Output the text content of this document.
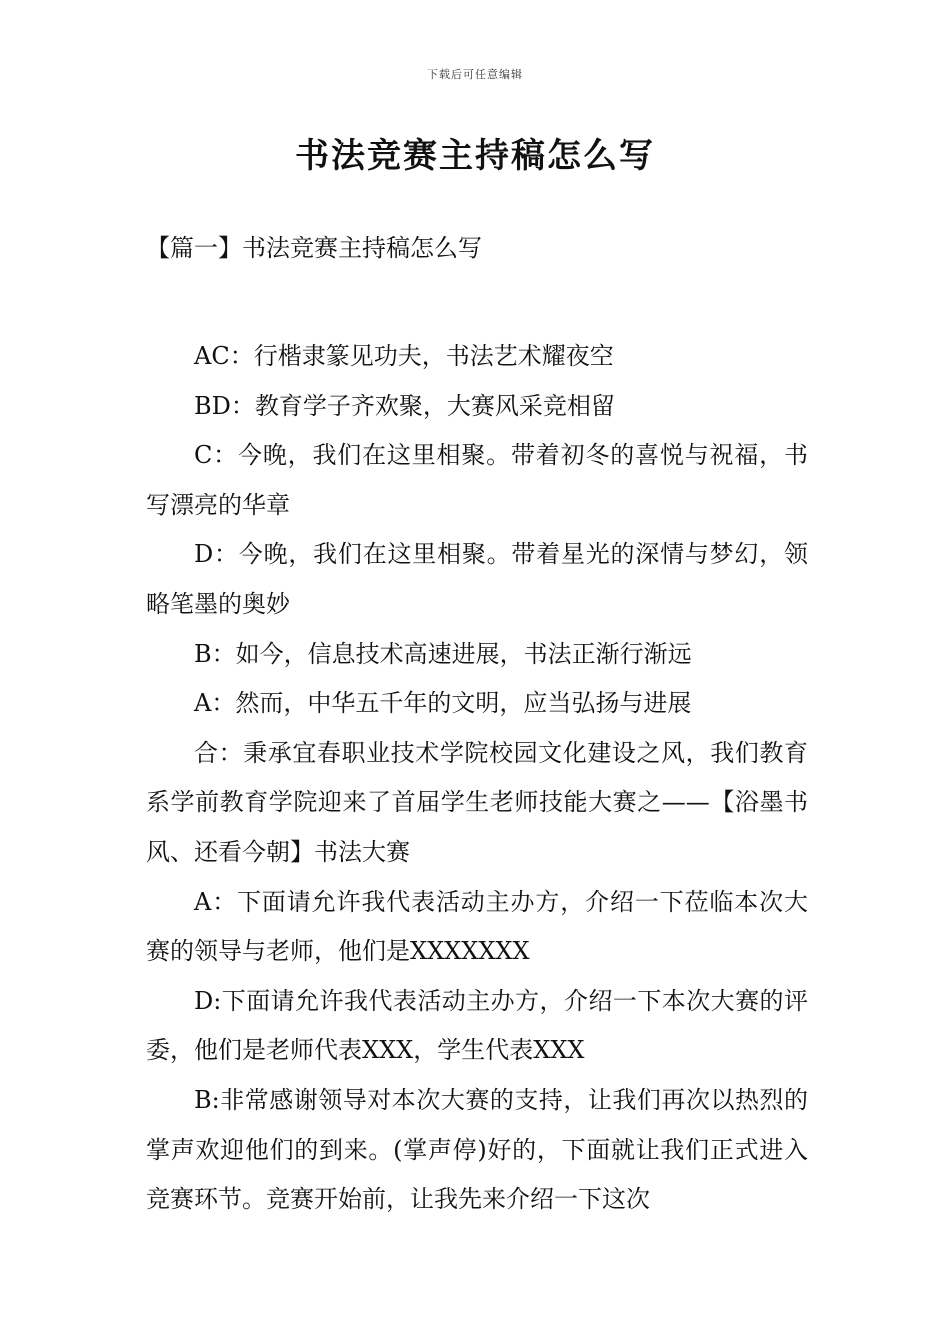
下载后可任意编辑
书法竞赛主持稿怎么写
【篇一】书法竞赛主持稿怎么写

AC：行楷隶篆见功夫，书法艺术耀夜空

BD：教育学子齐欢聚，大赛风采竞相留

C：今晚，我们在这里相聚。带着初冬的喜悦与祝福，书写漂亮的华章

D：今晚，我们在这里相聚。带着星光的深情与梦幻，领略笔墨的奥妙

B：如今，信息技术高速进展，书法正渐行渐远

A：然而，中华五千年的文明，应当弘扬与进展

合：秉承宜春职业技术学院校园文化建设之风，我们教育系学前教育学院迎来了首届学生老师技能大赛之——【浴墨书风、还看今朝】书法大赛

A：下面请允许我代表活动主办方，介绍一下莅临本次大赛的领导与老师，他们是XXXXXXX

D:下面请允许我代表活动主办方，介绍一下本次大赛的评委，他们是老师代表XXX，学生代表XXX

B:非常感谢领导对本次大赛的支持，让我们再次以热烈的掌声欢迎他们的到来。(掌声停)好的，下面就让我们正式进入竞赛环节。竞赛开始前，让我先来介绍一下这次
